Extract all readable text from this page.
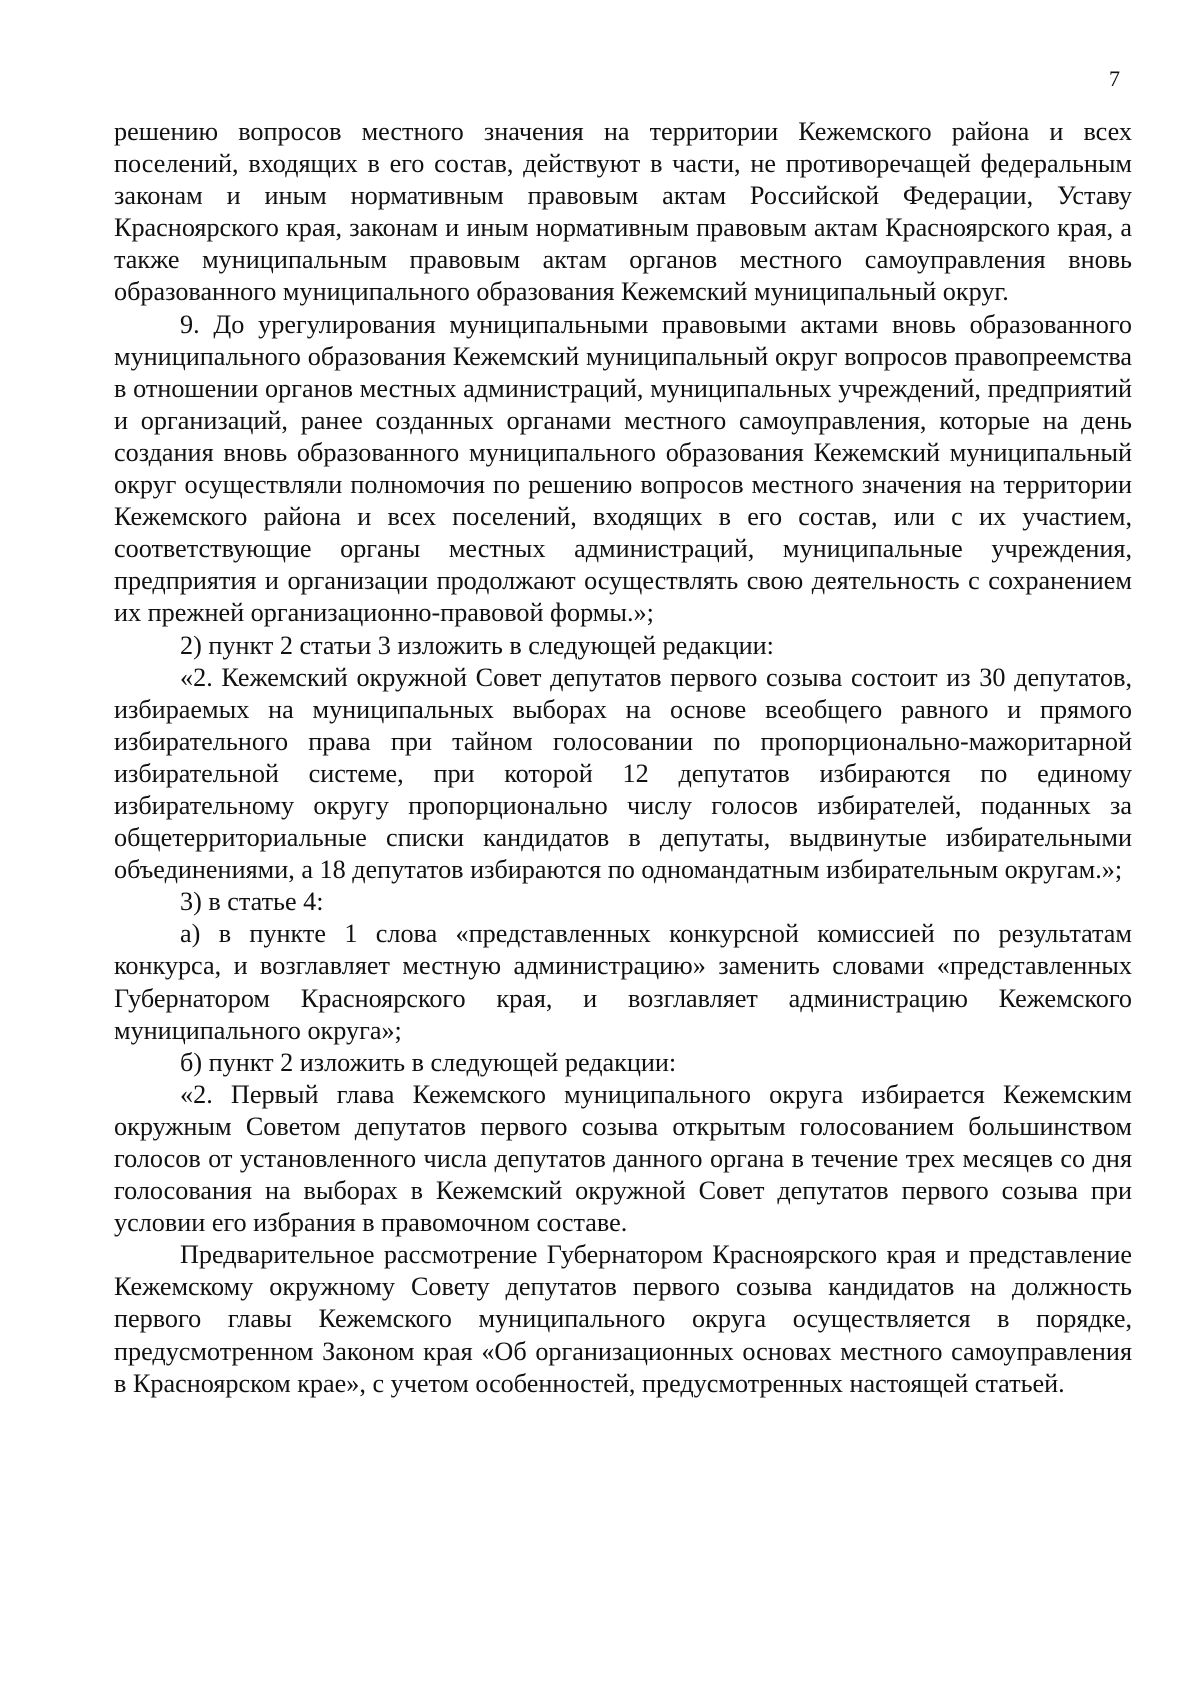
7

решению вопросов местного значения на территории Кежемского района и всех поселений, входящих в его состав, действуют в части, не противоречащей федеральным законам и иным нормативным правовым актам Российской Федерации, Уставу Красноярского края, законам и иным нормативным правовым актам Красноярского края, а также муниципальным правовым актам органов местного самоуправления вновь образованного муниципального образования Кежемский муниципальный округ.

9. До урегулирования муниципальными правовыми актами вновь образованного муниципального образования Кежемский муниципальный округ вопросов правопреемства в отношении органов местных администраций, муниципальных учреждений, предприятий и организаций, ранее созданных органами местного самоуправления, которые на день создания вновь образованного муниципального образования Кежемский муниципальный округ осуществляли полномочия по решению вопросов местного значения на территории Кежемского района и всех поселений, входящих в его состав, или с их участием, соответствующие органы местных администраций, муниципальные учреждения, предприятия и организации продолжают осуществлять свою деятельность с сохранением их прежней организационно-правовой формы.»;

2) пункт 2 статьи 3 изложить в следующей редакции:

«2. Кежемский окружной Совет депутатов первого созыва состоит из 30 депутатов, избираемых на муниципальных выборах на основе всеобщего равного и прямого избирательного права при тайном голосовании по пропорционально-мажоритарной избирательной системе, при которой 12 депутатов избираются по единому избирательному округу пропорционально числу голосов избирателей, поданных за общетерриториальные списки кандидатов в депутаты, выдвинутые избирательными объединениями, а 18 депутатов избираются по одномандатным избирательным округам.»;

3) в статье 4:

а) в пункте 1 слова «представленных конкурсной комиссией по результатам конкурса, и возглавляет местную администрацию» заменить словами «представленных Губернатором Красноярского края, и возглавляет администрацию Кежемского муниципального округа»;

б) пункт 2 изложить в следующей редакции:

«2. Первый глава Кежемского муниципального округа избирается Кежемским окружным Советом депутатов первого созыва открытым голосованием большинством голосов от установленного числа депутатов данного органа в течение трех месяцев со дня голосования на выборах в Кежемский окружной Совет депутатов первого созыва при условии его избрания в правомочном составе.

Предварительное рассмотрение Губернатором Красноярского края и представление Кежемскому окружному Совету депутатов первого созыва кандидатов на должность первого главы Кежемского муниципального округа осуществляется в порядке, предусмотренном Законом края «Об организационных основах местного самоуправления в Красноярском крае», с учетом особенностей, предусмотренных настоящей статьей.
